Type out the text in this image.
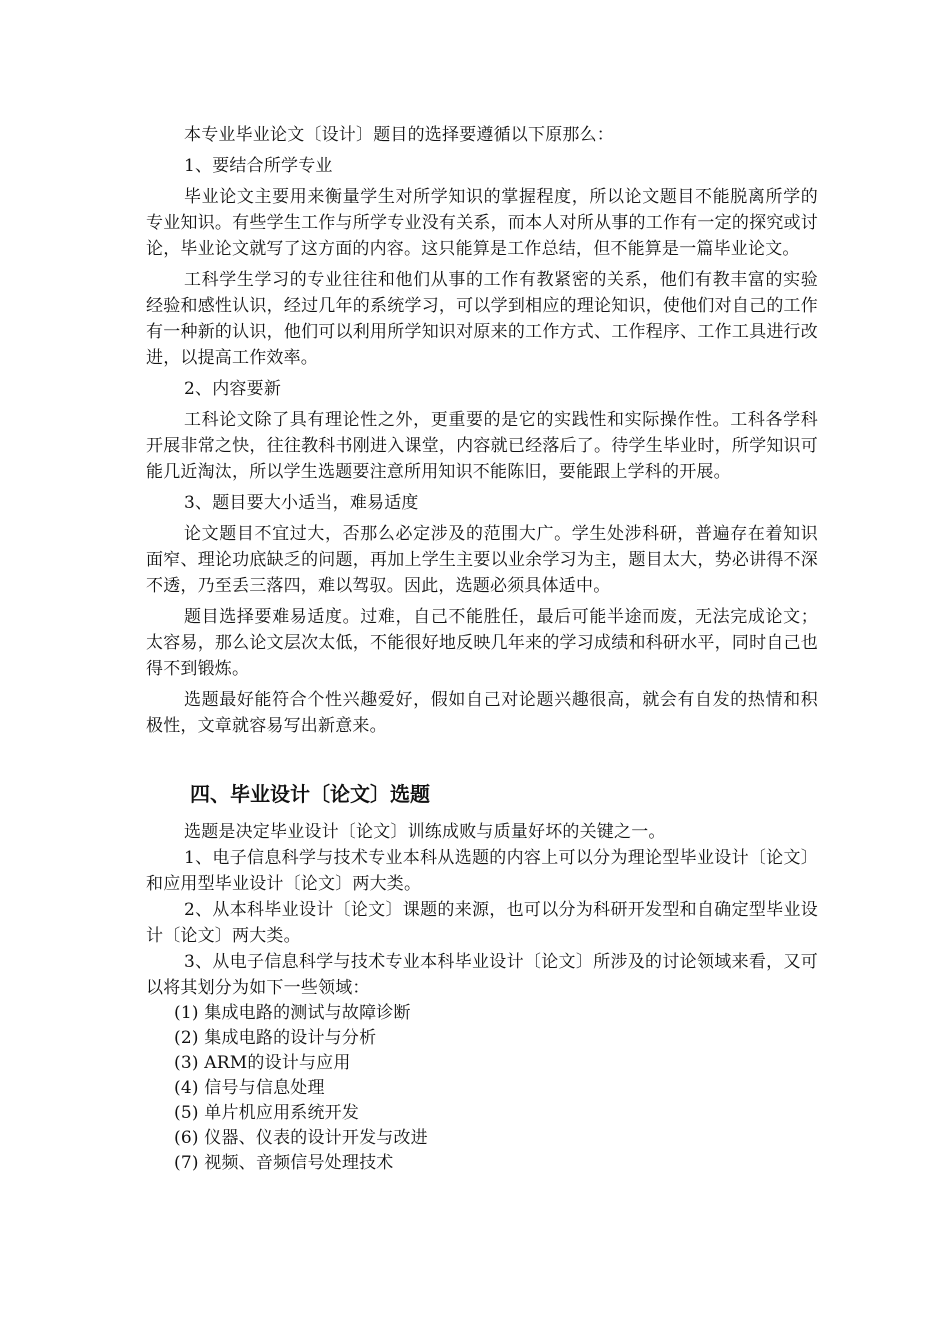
本专业毕业论文〔设计〕题目的选择要遵循以下原那么：

1、要结合所学专业

毕业论文主要用来衡量学生对所学知识的掌握程度，所以论文题目不能脱离所学的专业知识。有些学生工作与所学专业没有关系，而本人对所从事的工作有一定的探究或讨论，毕业论文就写了这方面的内容。这只能算是工作总结，但不能算是一篇毕业论文。

工科学生学习的专业往往和他们从事的工作有教紧密的关系，他们有教丰富的实验经验和感性认识，经过几年的系统学习，可以学到相应的理论知识，使他们对自己的工作有一种新的认识，他们可以利用所学知识对原来的工作方式、工作程序、工作工具进行改进，以提高工作效率。

2、内容要新

工科论文除了具有理论性之外，更重要的是它的实践性和实际操作性。工科各学科开展非常之快，往往教科书刚进入课堂，内容就已经落后了。待学生毕业时，所学知识可能几近淘汰，所以学生选题要注意所用知识不能陈旧，要能跟上学科的开展。

3、题目要大小适当，难易适度

论文题目不宜过大，否那么必定涉及的范围大广。学生处涉科研，普遍存在着知识面窄、理论功底缺乏的问题，再加上学生主要以业余学习为主，题目太大，势必讲得不深不透，乃至丢三落四，难以驾驭。因此，选题必须具体适中。

题目选择要难易适度。过难，自己不能胜任，最后可能半途而废，无法完成论文；太容易，那么论文层次太低，不能很好地反映几年来的学习成绩和科研水平，同时自己也得不到锻炼。

选题最好能符合个性兴趣爱好，假如自己对论题兴趣很高，就会有自发的热情和积极性，文章就容易写出新意来。

四、毕业设计〔论文〕选题

选题是决定毕业设计〔论文〕训练成败与质量好坏的关键之一。

1、电子信息科学与技术专业本科从选题的内容上可以分为理论型毕业设计〔论文〕和应用型毕业设计〔论文〕两大类。

2、从本科毕业设计〔论文〕课题的来源，也可以分为科研开发型和自确定型毕业设计〔论文〕两大类。

3、从电子信息科学与技术专业本科毕业设计〔论文〕所涉及的讨论领域来看，又可以将其划分为如下一些领域：

(1) 集成电路的测试与故障诊断

(2) 集成电路的设计与分析

(3) ARM的设计与应用

(4) 信号与信息处理

(5) 单片机应用系统开发

(6) 仪器、仪表的设计开发与改进

(7) 视频、音频信号处理技术
